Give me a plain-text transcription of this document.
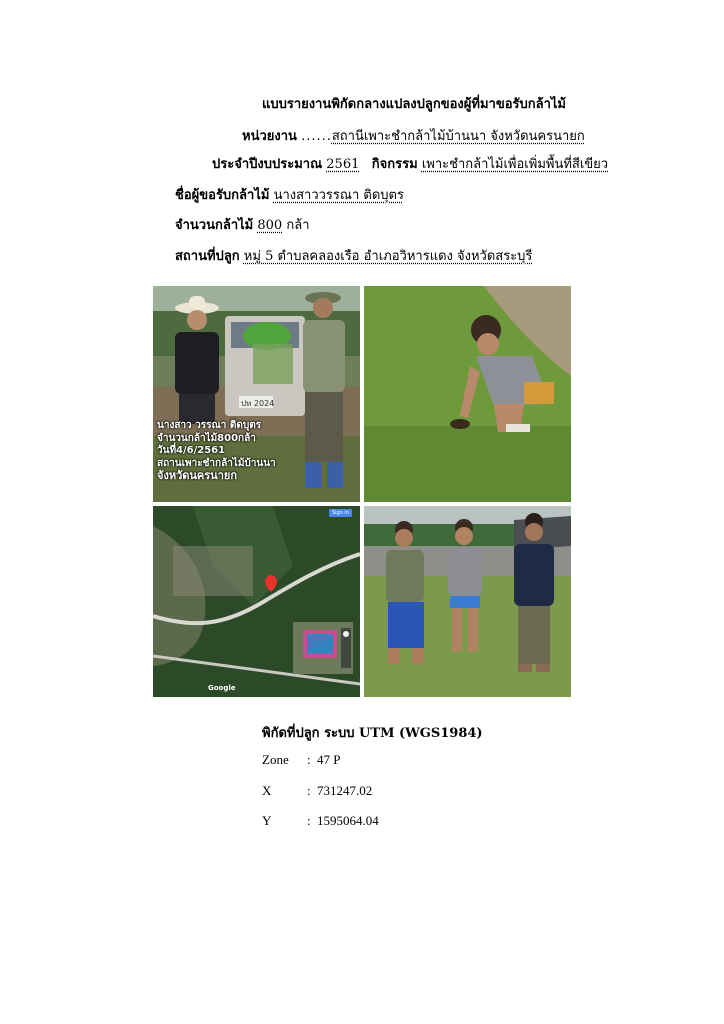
แบบรายงานพิกัดกลางแปลงปลูกของผู้ที่มาขอรับกล้าไม้
หน่วยงาน ......สถานีเพาะชำกล้าไม้บ้านนา จังหวัดนครนายก
ประจำปีงบประมาณ 2561 กิจกรรม เพาะชำกล้าไม้เพื่อเพิ่มพื้นที่สีเขียว
ชื่อผู้ขอรับกล้าไม้ นางสาววรรณา ติดบุตร
จำนวนกล้าไม้ 800 กล้า
สถานที่ปลูก หมู่ 5 ตำบลคลองเรือ อำเภอวิหารแดง จังหวัดสระบุรี
ปห 2024
นางสาว วรรณา ติดบุตร
จำนวนกล้าไม้800กล้า
วันที่4/6/2561
สถานเพาะชำกล้าไม้บ้านนา
จังหวัดนครนายก
Sign in
Google
พิกัดที่ปลูก ระบบ UTM (WGS1984)
Zone : 47 P
X	: 731247.02
Y	: 1595064.04
